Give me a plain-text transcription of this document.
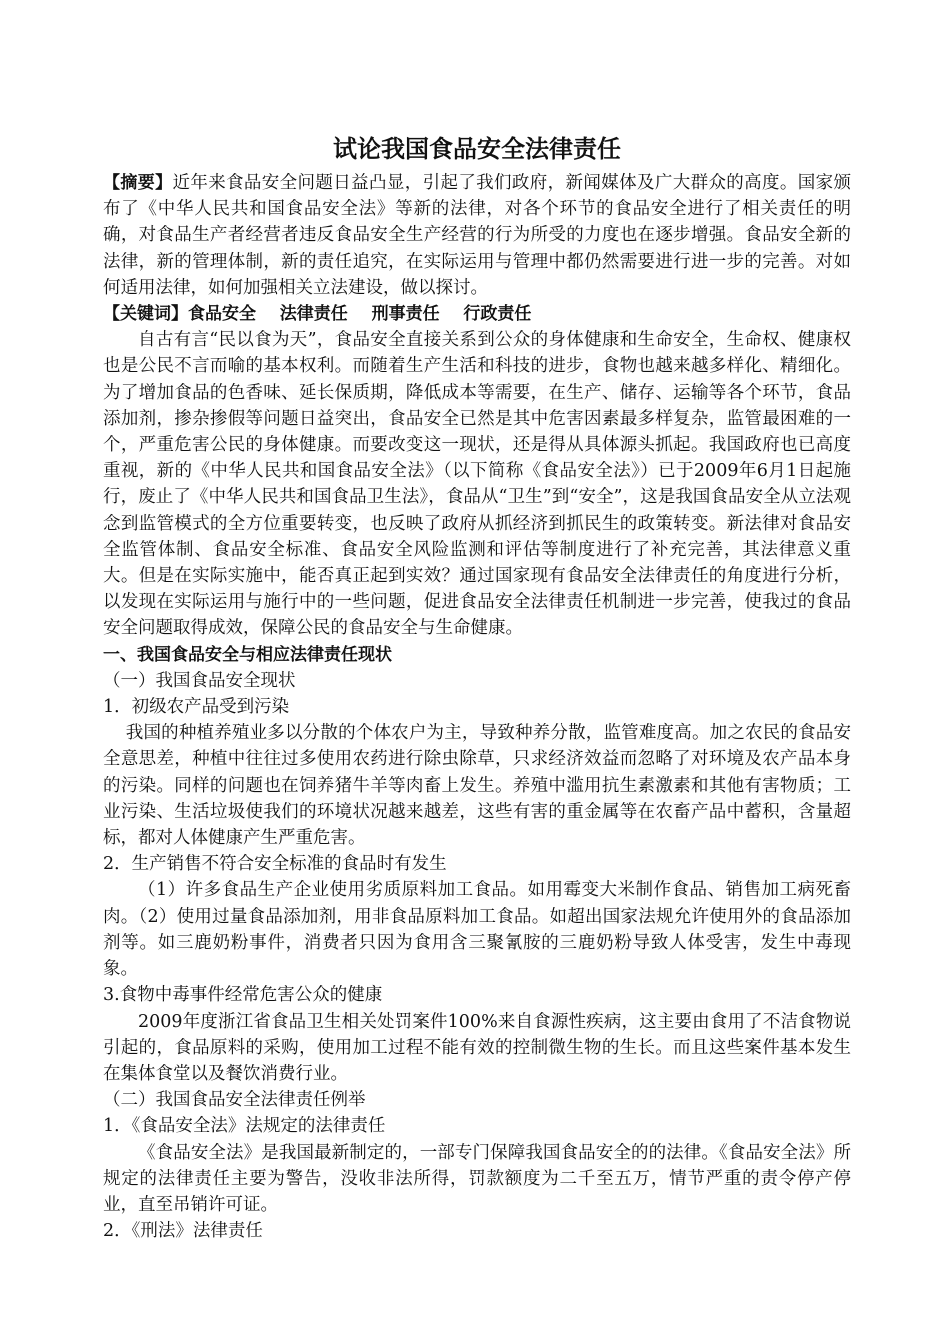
试论我国食品安全法律责任

【摘要】近年来食品安全问题日益凸显，引起了我们政府，新闻媒体及广大群众的高度。国家颁布了《中华人民共和国食品安全法》等新的法律，对各个环节的食品安全进行了相关责任的明确，对食品生产者经营者违反食品安全生产经营的行为所受的力度也在逐步增强。食品安全新的法律，新的管理体制，新的责任追究，在实际运用与管理中都仍然需要进行进一步的完善。对如何适用法律，如何加强相关立法建设，做以探讨。

【关键词】食品安全 法律责任 刑事责任 行政责任

自古有言“民以食为天”，食品安全直接关系到公众的身体健康和生命安全，生命权、健康权也是公民不言而喻的基本权利。而随着生产生活和科技的进步，食物也越来越多样化、精细化。为了增加食品的色香味、延长保质期，降低成本等需要，在生产、储存、运输等各个环节，食品添加剂，掺杂掺假等问题日益突出，食品安全已然是其中危害因素最多样复杂，监管最困难的一个，严重危害公民的身体健康。而要改变这一现状，还是得从具体源头抓起。我国政府也已高度重视，新的《中华人民共和国食品安全法》（以下简称《食品安全法》）已于2009年6月1日起施行，废止了《中华人民共和国食品卫生法》，食品从“卫生”到“安全”，这是我国食品安全从立法观念到监管模式的全方位重要转变，也反映了政府从抓经济到抓民生的政策转变。新法律对食品安全监管体制、食品安全标准、食品安全风险监测和评估等制度进行了补充完善，其法律意义重大。但是在实际实施中，能否真正起到实效？通过国家现有食品安全法律责任的角度进行分析，以发现在实际运用与施行中的一些问题，促进食品安全法律责任机制进一步完善，使我过的食品安全问题取得成效，保障公民的食品安全与生命健康。

一、我国食品安全与相应法律责任现状

（一）我国食品安全现状

1．初级农产品受到污染

我国的种植养殖业多以分散的个体农户为主，导致种养分散，监管难度高。加之农民的食品安全意思差，种植中往往过多使用农药进行除虫除草，只求经济效益而忽略了对环境及农产品本身的污染。同样的问题也在饲养猪牛羊等肉畜上发生。养殖中滥用抗生素激素和其他有害物质；工业污染、生活垃圾使我们的环境状况越来越差，这些有害的重金属等在农畜产品中蓄积，含量超标，都对人体健康产生严重危害。

2．生产销售不符合安全标准的食品时有发生

（1）许多食品生产企业使用劣质原料加工食品。如用霉变大米制作食品、销售加工病死畜肉。（2）使用过量食品添加剂，用非食品原料加工食品。如超出国家法规允许使用外的食品添加剂等。如三鹿奶粉事件，消费者只因为食用含三聚氰胺的三鹿奶粉导致人体受害，发生中毒现象。

3.食物中毒事件经常危害公众的健康

2009年度浙江省食品卫生相关处罚案件100%来自食源性疾病，这主要由食用了不洁食物说引起的，食品原料的采购，使用加工过程不能有效的控制微生物的生长。而且这些案件基本发生在集体食堂以及餐饮消费行业。

（二）我国食品安全法律责任例举

1．《食品安全法》法规定的法律责任

《食品安全法》是我国最新制定的，一部专门保障我国食品安全的的法律。《食品安全法》所规定的法律责任主要为警告，没收非法所得，罚款额度为二千至五万，情节严重的责令停产停业，直至吊销许可证。

2．《刑法》法律责任
